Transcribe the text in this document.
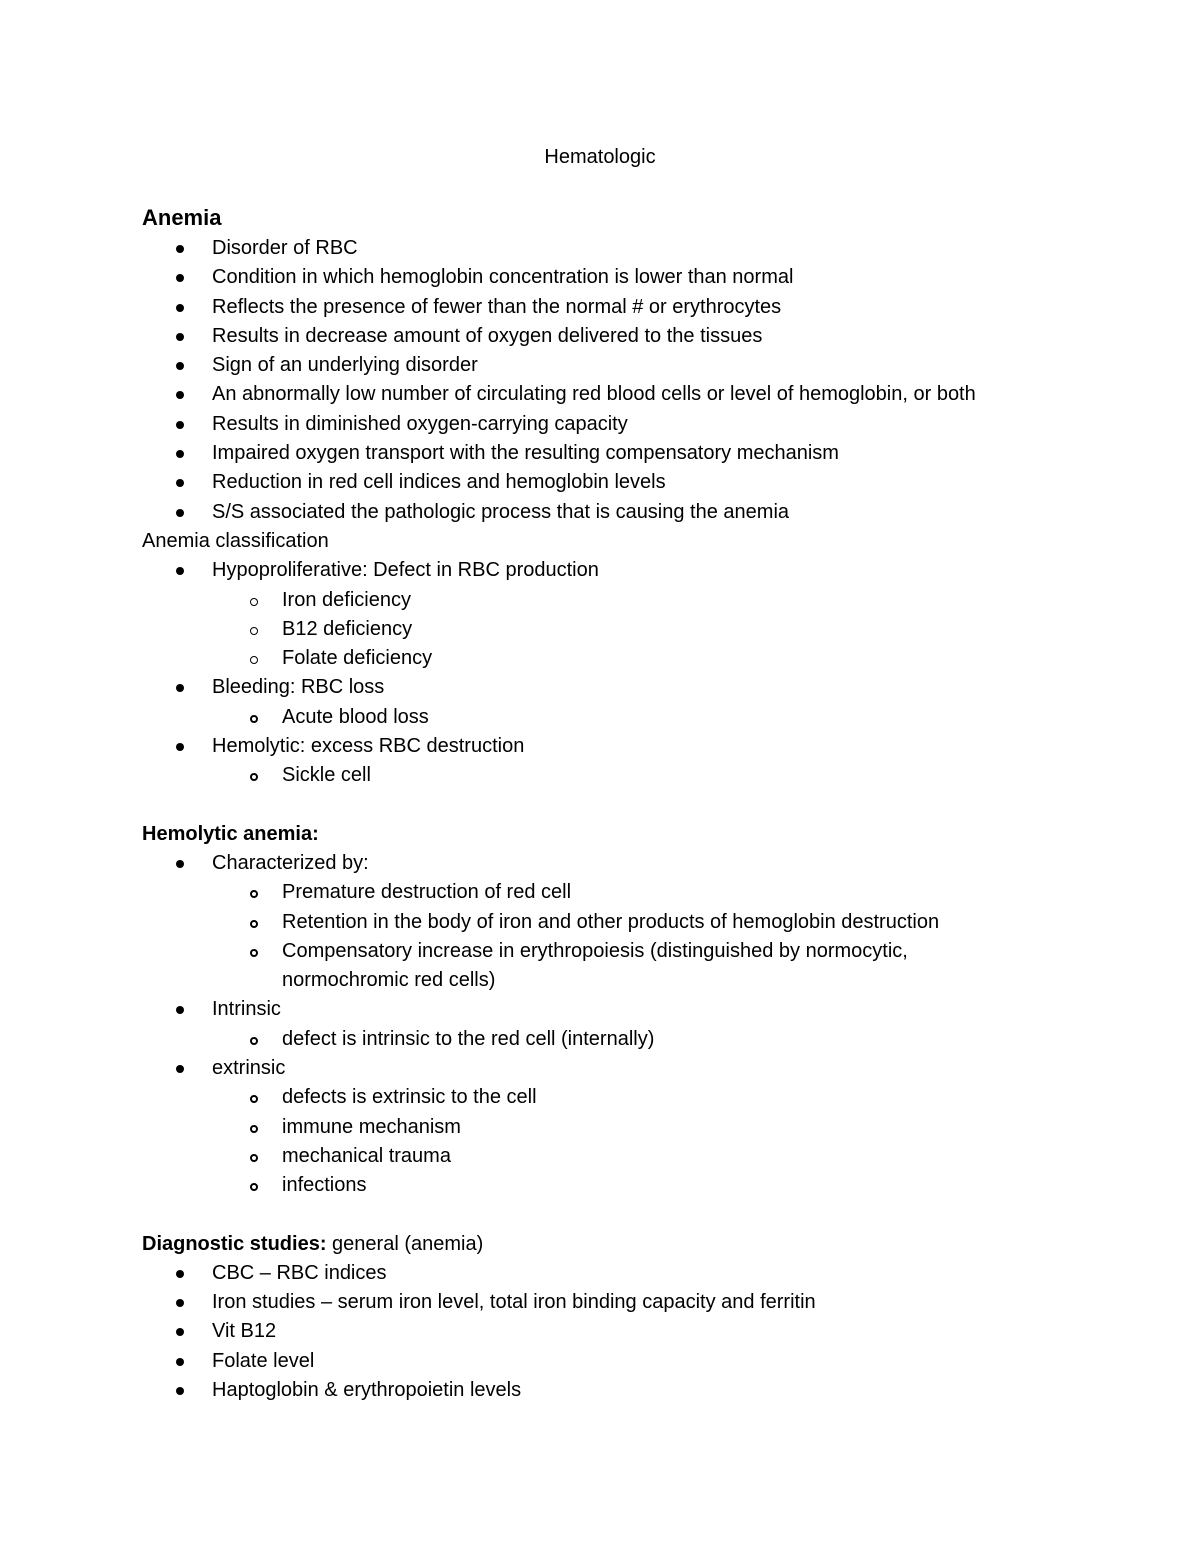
Hematologic
Anemia
Disorder of RBC
Condition in which hemoglobin concentration is lower than normal
Reflects the presence of fewer than the normal # or erythrocytes
Results in decrease amount of oxygen delivered to the tissues
Sign of an underlying disorder
An abnormally low number of circulating red blood cells or level of hemoglobin, or both
Results in diminished oxygen-carrying capacity
Impaired oxygen transport with the resulting compensatory mechanism
Reduction in red cell indices and hemoglobin levels
S/S associated the pathologic process that is causing the anemia
Anemia classification
Hypoproliferative: Defect in RBC production
Iron deficiency
B12 deficiency
Folate deficiency
Bleeding: RBC loss
Acute blood loss
Hemolytic: excess RBC destruction
Sickle cell
Hemolytic anemia:
Characterized by:
Premature destruction of red cell
Retention in the body of iron and other products of hemoglobin destruction
Compensatory increase in erythropoiesis (distinguished by normocytic,
normochromic red cells)
Intrinsic
defect is intrinsic to the red cell (internally)
extrinsic
defects is extrinsic to the cell
immune mechanism
mechanical trauma
infections
Diagnostic studies: general (anemia)
CBC – RBC indices
Iron studies – serum iron level, total iron binding capacity and ferritin
Vit B12
Folate level
Haptoglobin & erythropoietin levels
